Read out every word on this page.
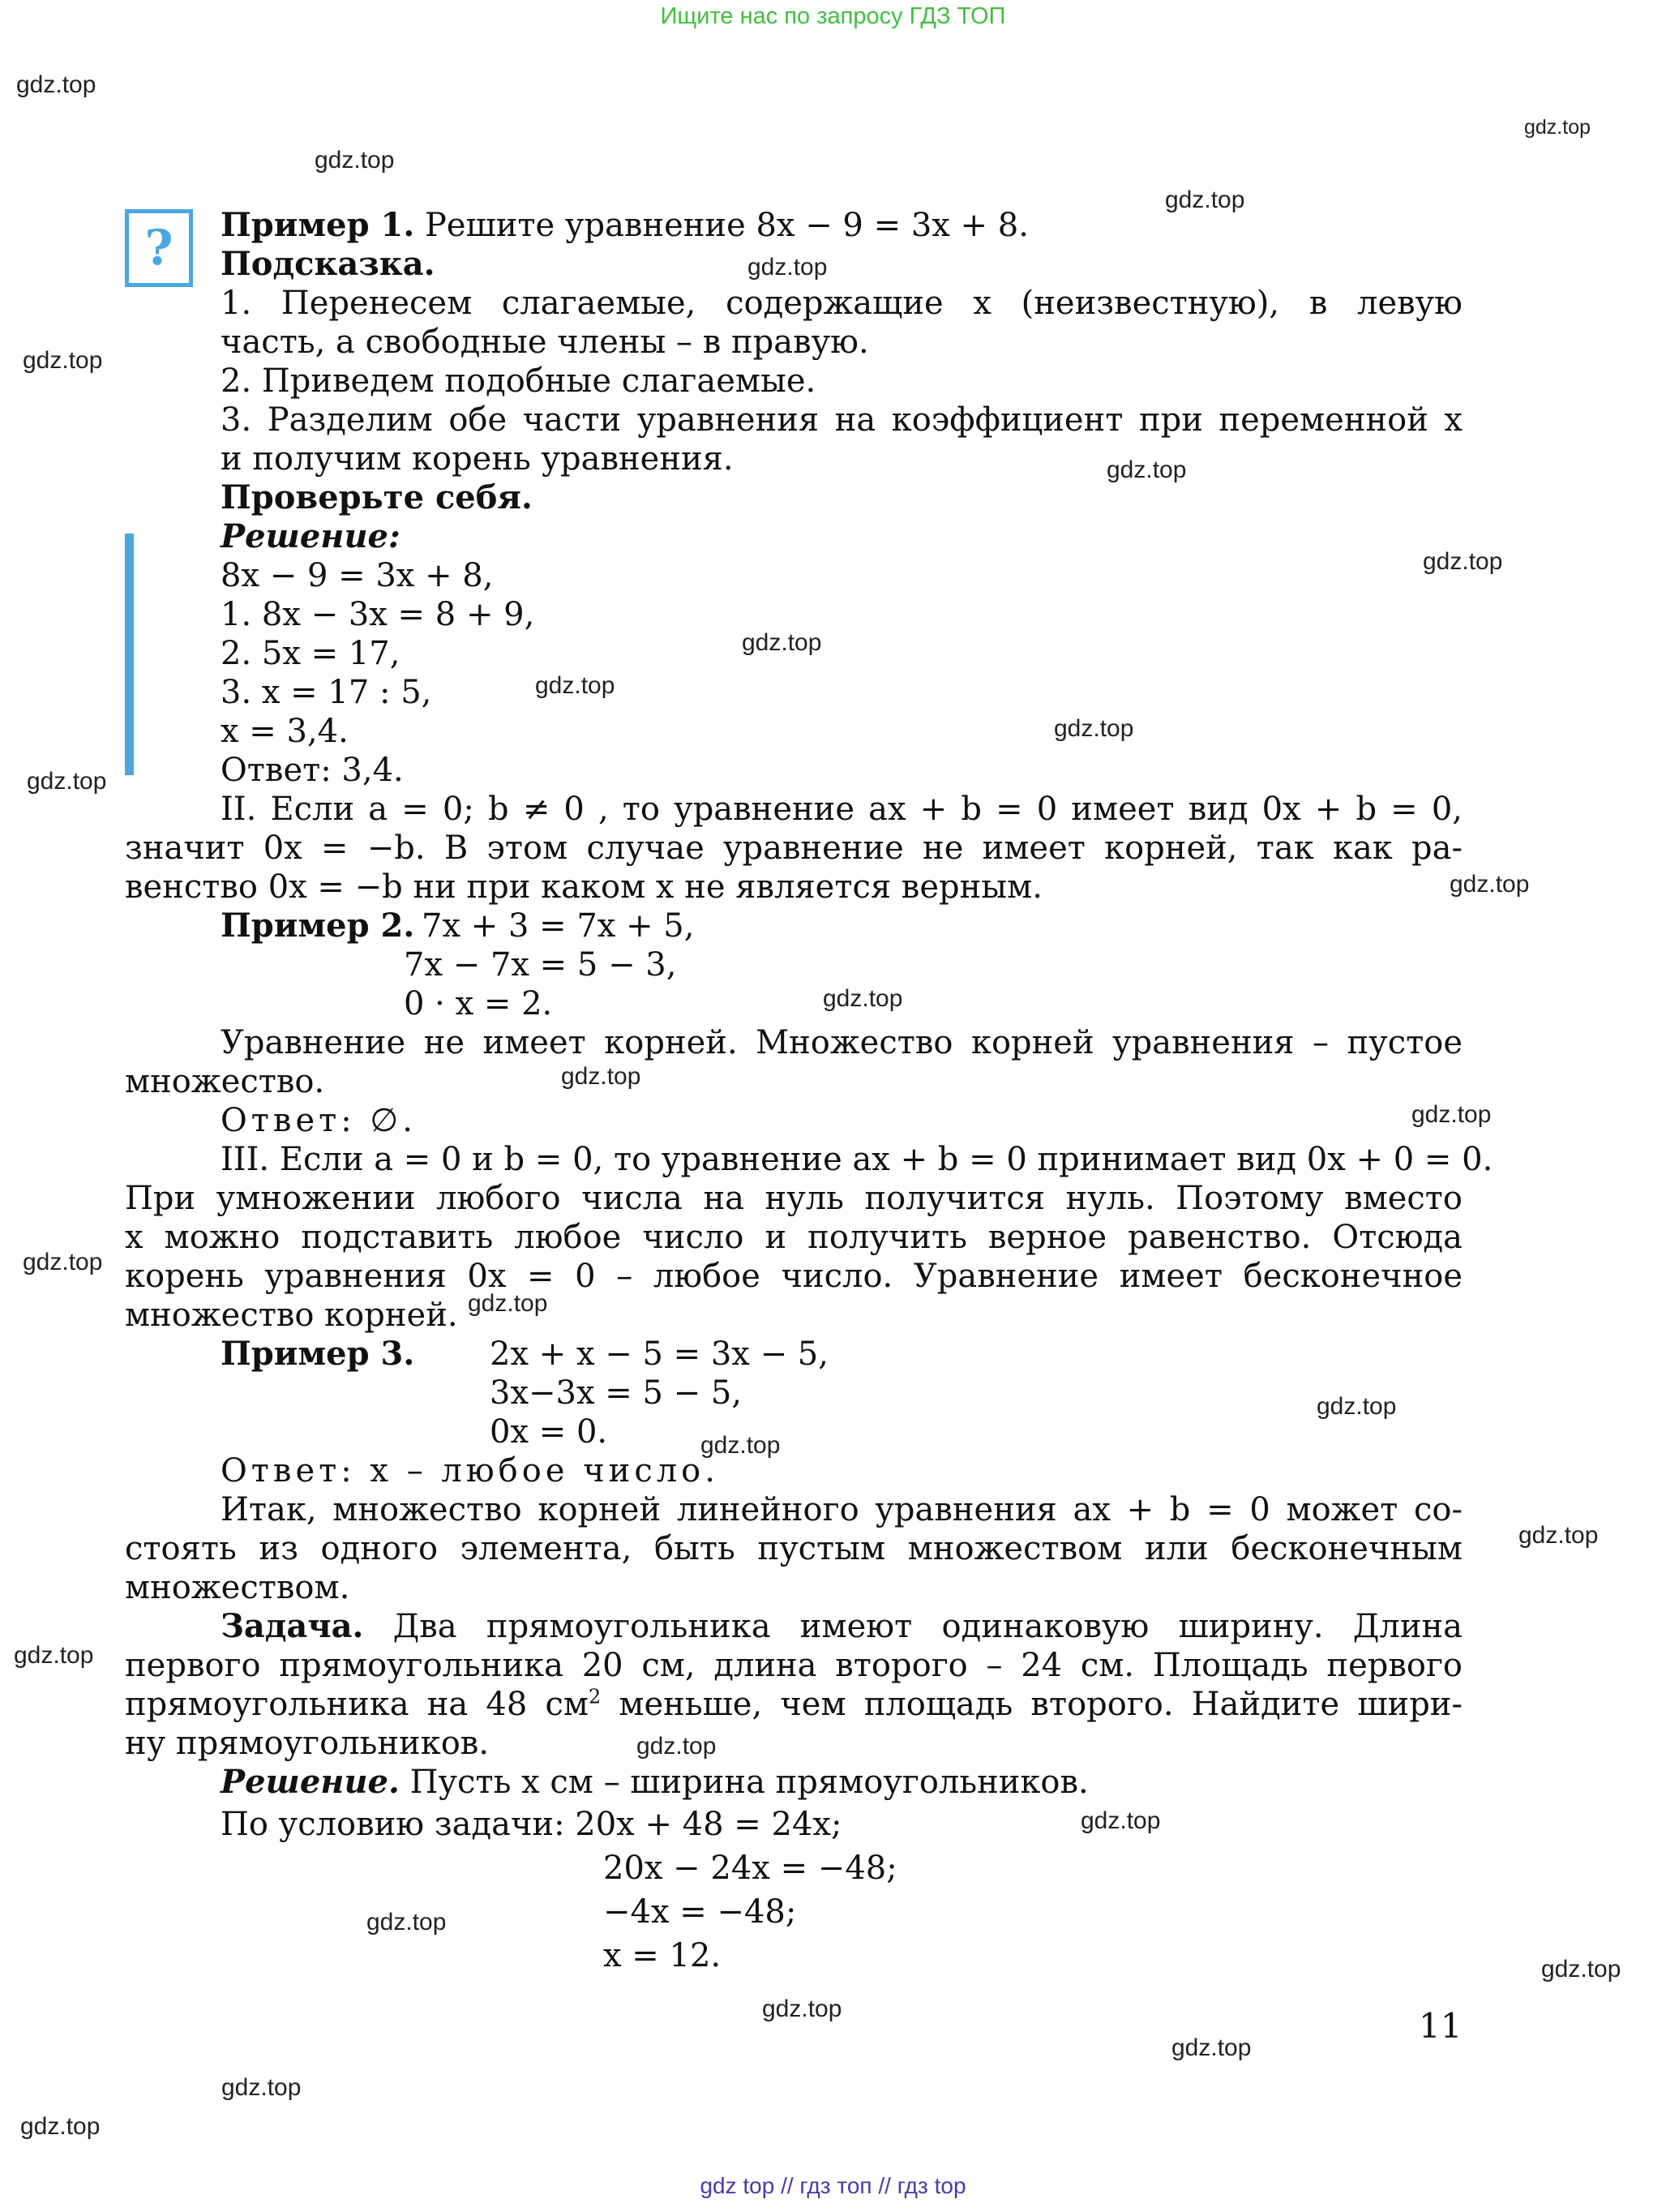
Ищите нас по запросу ГДЗ ТОП
gdz.top
gdz.top
gdz.top
gdz.top
gdz.top
gdz.top
gdz.top
gdz.top
gdz.top
gdz.top
gdz.top
gdz.top
gdz.top
gdz.top
gdz.top
gdz.top
gdz.top
gdz.top
gdz.top
gdz.top
gdz.top
gdz.top
gdz.top
gdz.top
gdz.top
gdz.top
gdz.top
gdz.top
gdz.top
gdz.top
?	Пример 1. Решите уравнение 8x − 9 = 3x + 8.
Подсказка.
1. Перенесем слагаемые, содержащие x (неизвестную), в левую
часть, а свободные члены – в правую.
2. Приведем подобные слагаемые.
3. Разделим обе части уравнения на коэффициент при переменной x
и получим корень уравнения.
Проверьте себя.
Решение:
8x − 9 = 3x + 8,
1. 8x − 3x = 8 + 9,
2. 5x = 17,
3. x = 17 : 5,
x = 3,4.
Ответ: 3,4.
II. Если a = 0; b ≠ 0 , то уравнение ax + b = 0 имеет вид 0x + b = 0,
значит 0x = −b. В этом случае уравнение не имеет корней, так как ра-
венство 0x = −b ни при каком x не является верным.
Пример 2. 7x + 3 = 7x + 5,
7x − 7x = 5 − 3,
0 · x = 2.
Уравнение не имеет корней. Множество корней уравнения – пустое
множество.
Ответ: ∅.
III. Если a = 0 и b = 0, то уравнение ax + b = 0 принимает вид 0x + 0 = 0.
При умножении любого числа на нуль получится нуль. Поэтому вместо
x можно подставить любое число и получить верное равенство. Отсюда
корень уравнения 0x = 0 – любое число. Уравнение имеет бесконечное
множество корней.
Пример 3. 2x + x − 5 = 3x − 5,
3x−3x = 5 − 5,
0x = 0.
Ответ: x – любое число.
Итак, множество корней линейного уравнения ax + b = 0 может со-
стоять из одного элемента, быть пустым множеством или бесконечным
множеством.
Задача. Два прямоугольника имеют одинаковую ширину. Длина
первого прямоугольника 20 см, длина второго – 24 см. Площадь первого
прямоугольника на 48 $см^2$ меньше, чем площадь второго. Найдите шири-
ну прямоугольников.
Решение. Пусть x см – ширина прямоугольников.
По условию задачи: 20x + 48 = 24x;
20x − 24x = −48;
−4x = −48;
x = 12.
11
gdz top // гдз топ // гдз top
